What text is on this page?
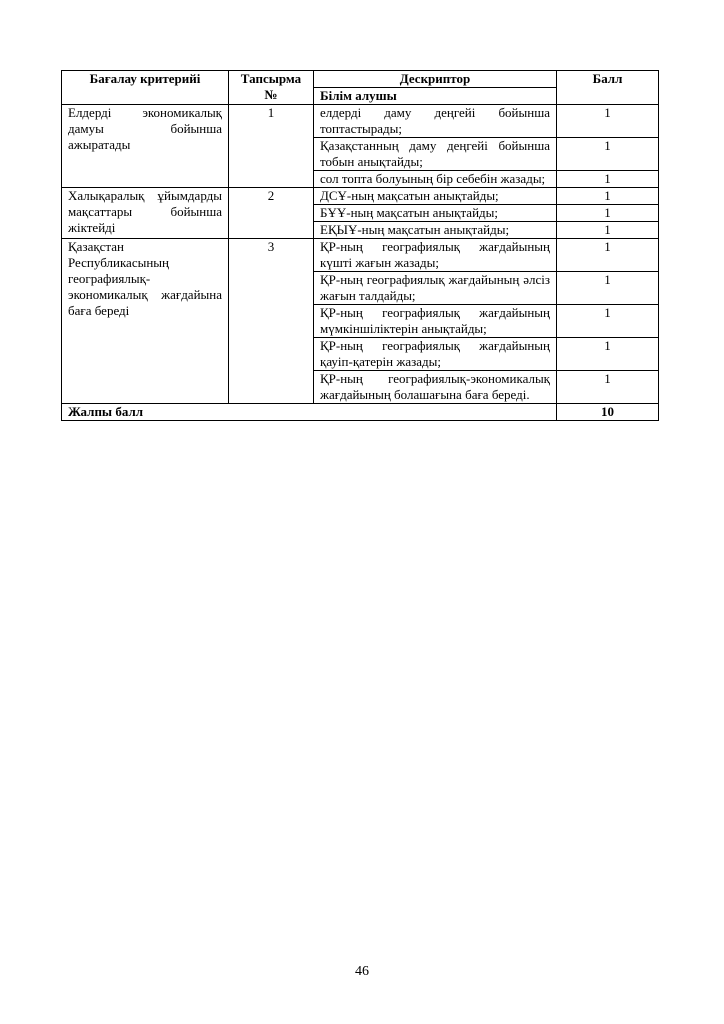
Бағалау критерийі	Тапсырма №	Дескриптор	Балл
		Білім алушы	
Елдерді экономикалық дамуы бойынша ажыратады	1	елдерді даму деңгейі бойынша топтастырады;	1
		Қазақстанның даму деңгейі бойынша тобын анықтайды;	1
		сол топта болуының бір себебін жазады;	1
Халықаралық ұйымдарды мақсаттары бойынша жіктейді	2	ДСҰ-ның мақсатын анықтайды;	1
		БҰҰ-ның мақсатын анықтайды;	1
		ЕҚЫҰ-ның мақсатын анықтайды;	1
Қазақстан Республикасының географиялық-экономикалық жағдайына баға береді	3	ҚР-ның географиялық жағдайының күшті жағын жазады;	1
		ҚР-ның географиялық жағдайының әлсіз жағын талдайды;	1
		ҚР-ның географиялық жағдайының мүмкіншіліктерін анықтайды;	1
		ҚР-ның географиялық жағдайының қауіп-қатерін жазады;	1
		ҚР-ның географиялық-экономикалық жағдайының болашағына баға береді.	1
Жалпы балл			10
46
